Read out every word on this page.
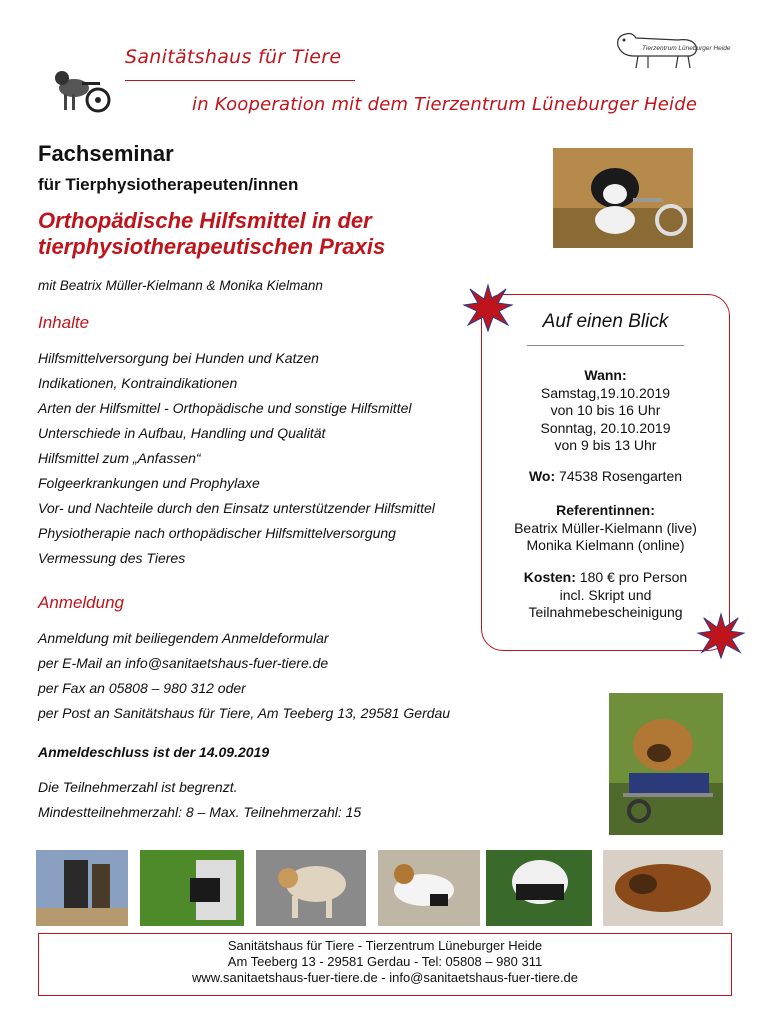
Sanitätshaus für Tiere
in Kooperation mit dem Tierzentrum Lüneburger Heide
Tierzentrum Lüneburger Heide
Fachseminar
für Tierphysiotherapeuten/innen
Orthopädische Hilfsmittel in der
tierphysiotherapeutischen Praxis
mit Beatrix Müller-Kielmann & Monika Kielmann
Inhalte
Hilfsmittelversorgung bei Hunden und Katzen
Indikationen, Kontraindikationen
Arten der Hilfsmittel - Orthopädische und sonstige Hilfsmittel
Unterschiede in Aufbau, Handling und Qualität
Hilfsmittel zum „Anfassen“
Folgeerkrankungen und Prophylaxe
Vor- und Nachteile durch den Einsatz unterstützender Hilfsmittel
Physiotherapie nach orthopädischer Hilfsmittelversorgung
Vermessung des Tieres
Auf einen Blick
Wann:
Samstag,19.10.2019
von 10 bis 16 Uhr
Sonntag, 20.10.2019
von 9 bis 13 Uhr
Wo: 74538 Rosengarten
Referentinnen:
Beatrix Müller-Kielmann (live)
Monika Kielmann (online)
Kosten: 180 € pro Person
incl. Skript und
Teilnahmebescheinigung
Anmeldung
Anmeldung mit beiliegendem Anmeldeformular
per E-Mail an info@sanitaetshaus-fuer-tiere.de
per Fax an 05808 – 980 312 oder
per Post an Sanitätshaus für Tiere, Am Teeberg 13, 29581 Gerdau
Anmeldeschluss ist der 14.09.2019
Die Teilnehmerzahl ist begrenzt.
Mindestteilnehmerzahl: 8 – Max. Teilnehmerzahl: 15
Sanitätshaus für Tiere - Tierzentrum Lüneburger Heide
Am Teeberg 13 - 29581 Gerdau - Tel: 05808 – 980 311
www.sanitaetshaus-fuer-tiere.de - info@sanitaetshaus-fuer-tiere.de
